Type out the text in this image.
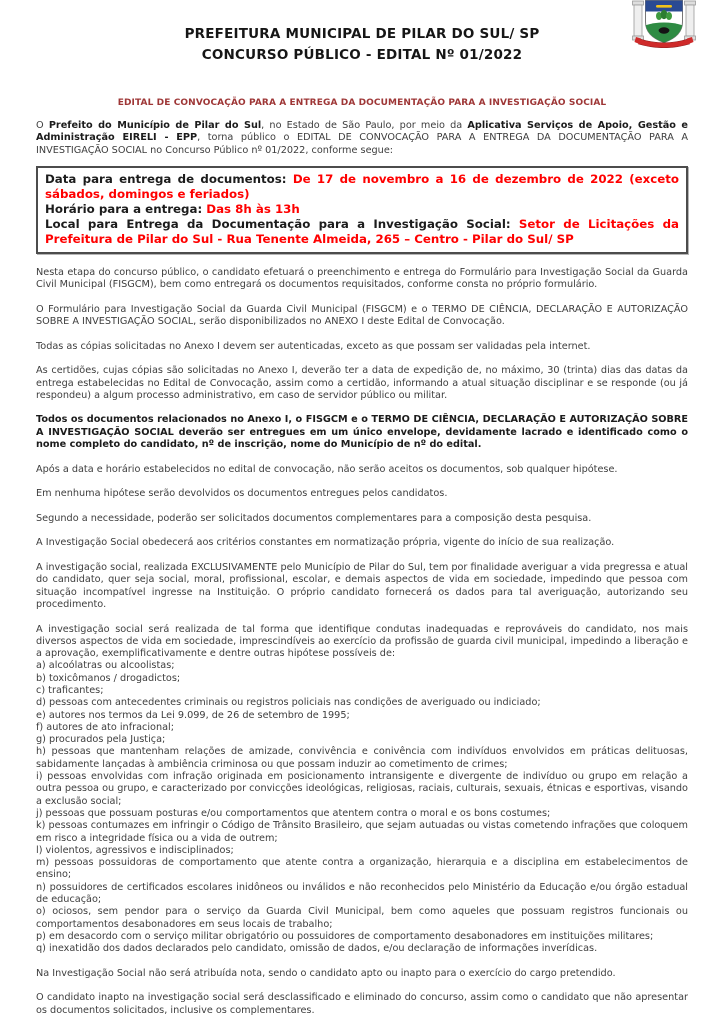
PREFEITURA MUNICIPAL DE PILAR DO SUL/ SP
CONCURSO PÚBLICO - EDITAL Nº 01/2022

EDITAL DE CONVOCAÇÃO PARA A ENTREGA DA DOCUMENTAÇÃO PARA A INVESTIGAÇÃO SOCIAL

O Prefeito do Município de Pilar do Sul, no Estado de São Paulo, por meio da Aplicativa Serviços de Apoio, Gestão e Administração EIRELI - EPP, torna público o EDITAL DE CONVOCAÇÃO PARA A ENTREGA DA DOCUMENTAÇÃO PARA A INVESTIGAÇÃO SOCIAL no Concurso Público nº 01/2022, conforme segue:

Data para entrega de documentos: De 17 de novembro a 16 de dezembro de 2022 (exceto sábados, domingos e feriados)

Horário para a entrega: Das 8h às 13h

Local para Entrega da Documentação para a Investigação Social: Setor de Licitações da Prefeitura de Pilar do Sul - Rua Tenente Almeida, 265 – Centro - Pilar do Sul/ SP

Nesta etapa do concurso público, o candidato efetuará o preenchimento e entrega do Formulário para Investigação Social da Guarda Civil Municipal (FISGCM), bem como entregará os documentos requisitados, conforme consta no próprio formulário.

O Formulário para Investigação Social da Guarda Civil Municipal (FISGCM) e o TERMO DE CIÊNCIA, DECLARAÇÃO E AUTORIZAÇÃO SOBRE A INVESTIGAÇÃO SOCIAL, serão disponibilizados no ANEXO I deste Edital de Convocação.

Todas as cópias solicitadas no Anexo I devem ser autenticadas, exceto as que possam ser validadas pela internet.

As certidões, cujas cópias são solicitadas no Anexo I, deverão ter a data de expedição de, no máximo, 30 (trinta) dias das datas da entrega estabelecidas no Edital de Convocação, assim como a certidão, informando a atual situação disciplinar e se responde (ou já respondeu) a algum processo administrativo, em caso de servidor público ou militar.

Todos os documentos relacionados no Anexo I, o FISGCM e o TERMO DE CIÊNCIA, DECLARAÇÃO E AUTORIZAÇÃO SOBRE A INVESTIGAÇÃO SOCIAL deverão ser entregues em um único envelope, devidamente lacrado e identificado como o nome completo do candidato, nº de inscrição, nome do Município de nº do edital.

Após a data e horário estabelecidos no edital de convocação, não serão aceitos os documentos, sob qualquer hipótese.

Em nenhuma hipótese serão devolvidos os documentos entregues pelos candidatos.

Segundo a necessidade, poderão ser solicitados documentos complementares para a composição desta pesquisa.

A Investigação Social obedecerá aos critérios constantes em normatização própria, vigente do início de sua realização.

A investigação social, realizada EXCLUSIVAMENTE pelo Município de Pilar do Sul, tem por finalidade averiguar a vida pregressa e atual do candidato, quer seja social, moral, profissional, escolar, e demais aspectos de vida em sociedade, impedindo que pessoa com situação incompatível ingresse na Instituição. O próprio candidato fornecerá os dados para tal averiguação, autorizando seu procedimento.

A investigação social será realizada de tal forma que identifique condutas inadequadas e reprováveis do candidato, nos mais diversos aspectos de vida em sociedade, imprescindíveis ao exercício da profissão de guarda civil municipal, impedindo a liberação e a aprovação, exemplificativamente e dentre outras hipótese possíveis de:

a) alcoólatras ou alcoolistas;

b) toxicômanos / drogadictos;

c) traficantes;

d) pessoas com antecedentes criminais ou registros policiais nas condições de averiguado ou indiciado;

e) autores nos termos da Lei 9.099, de 26 de setembro de 1995;

f) autores de ato infracional;

g) procurados pela Justiça;

h) pessoas que mantenham relações de amizade, convivência e conivência com indivíduos envolvidos em práticas delituosas, sabidamente lançadas à ambiência criminosa ou que possam induzir ao cometimento de crimes;

i) pessoas envolvidas com infração originada em posicionamento intransigente e divergente de indivíduo ou grupo em relação a outra pessoa ou grupo, e caracterizado por convicções ideológicas, religiosas, raciais, culturais, sexuais, étnicas e esportivas, visando a exclusão social;

j) pessoas que possuam posturas e/ou comportamentos que atentem contra o moral e os bons costumes;

k) pessoas contumazes em infringir o Código de Trânsito Brasileiro, que sejam autuadas ou vistas cometendo infrações que coloquem em risco a integridade física ou a vida de outrem;

l) violentos, agressivos e indisciplinados;

m) pessoas possuidoras de comportamento que atente contra a organização, hierarquia e a disciplina em estabelecimentos de ensino;

n) possuidores de certificados escolares inidôneos ou inválidos e não reconhecidos pelo Ministério da Educação e/ou órgão estadual de educação;

o) ociosos, sem pendor para o serviço da Guarda Civil Municipal, bem como aqueles que possuam registros funcionais ou comportamentos desabonadores em seus locais de trabalho;

p) em desacordo com o serviço militar obrigatório ou possuidores de comportamento desabonadores em instituições militares;

q) inexatidão dos dados declarados pelo candidato, omissão de dados, e/ou declaração de informações inverídicas.

Na Investigação Social não será atribuída nota, sendo o candidato apto ou inapto para o exercício do cargo pretendido.

O candidato inapto na investigação social será desclassificado e eliminado do concurso, assim como o candidato que não apresentar os documentos solicitados, inclusive os complementares.
